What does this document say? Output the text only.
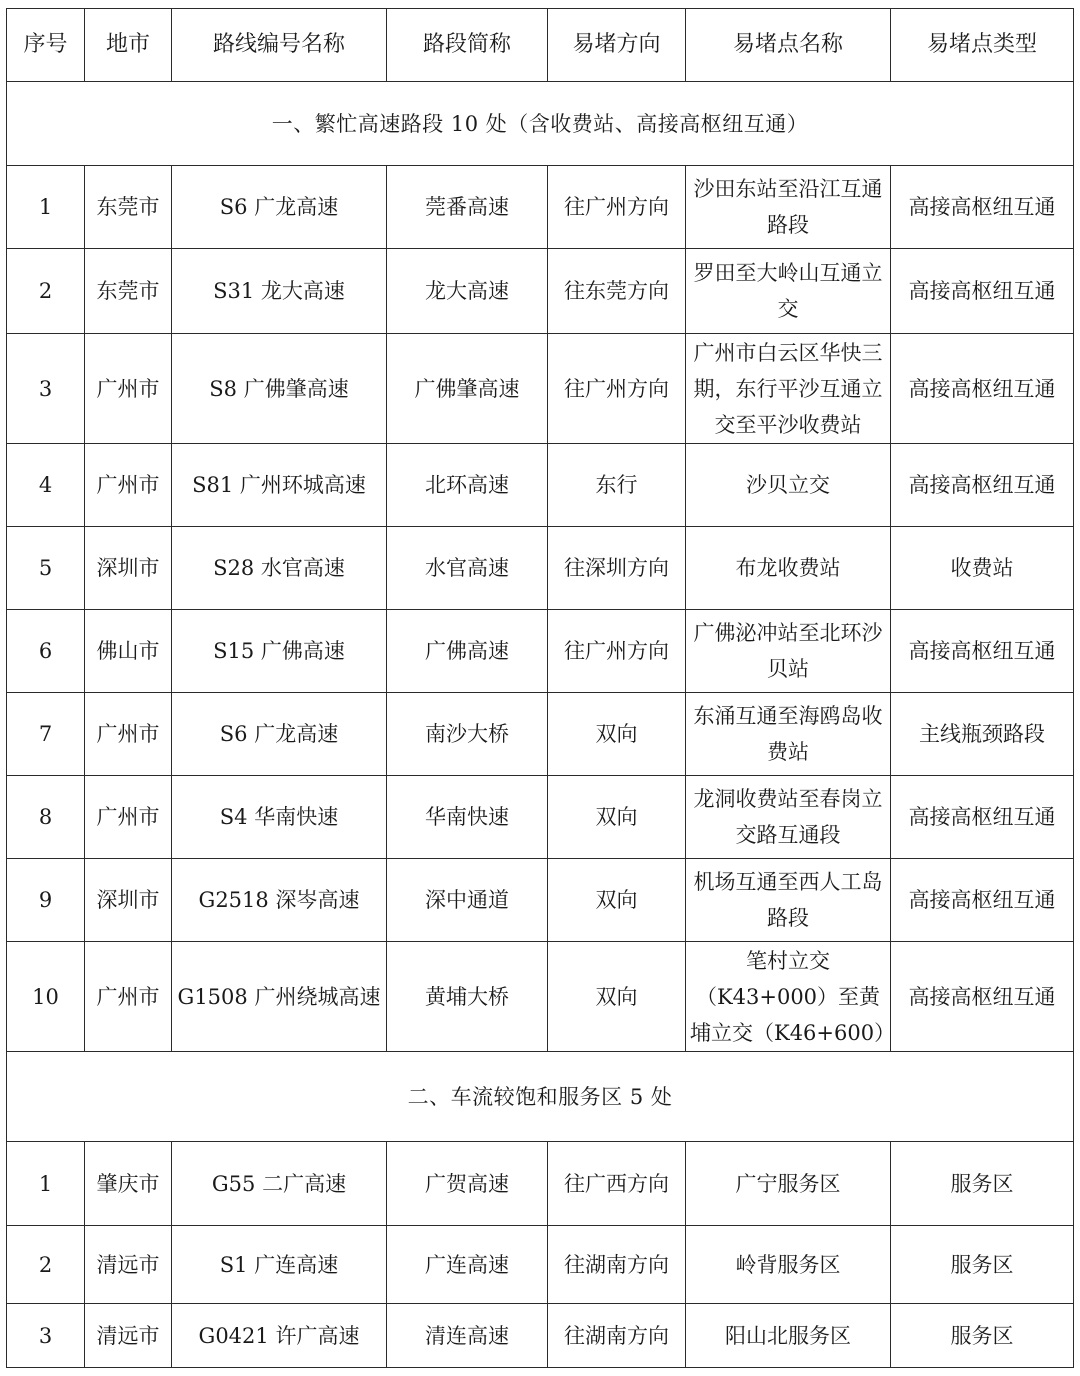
序号	地市	路线编号名称	路段简称	易堵方向	易堵点名称	易堵点类型
一、繁忙高速路段 10 处（含收费站、高接高枢纽互通）						
1	东莞市	S6 广龙高速	莞番高速	往广州方向	沙田东站至沿江互通路段	高接高枢纽互通
2	东莞市	S31 龙大高速	龙大高速	往东莞方向	罗田至大岭山互通立交	高接高枢纽互通
3	广州市	S8 广佛肇高速	广佛肇高速	往广州方向	广州市白云区华快三期，东行平沙互通立交至平沙收费站	高接高枢纽互通
4	广州市	S81 广州环城高速	北环高速	东行	沙贝立交	高接高枢纽互通
5	深圳市	S28 水官高速	水官高速	往深圳方向	布龙收费站	收费站
6	佛山市	S15 广佛高速	广佛高速	往广州方向	广佛泌冲站至北环沙贝站	高接高枢纽互通
7	广州市	S6 广龙高速	南沙大桥	双向	东涌互通至海鸥岛收费站	主线瓶颈路段
8	广州市	S4 华南快速	华南快速	双向	龙洞收费站至春岗立交路互通段	高接高枢纽互通
9	深圳市	G2518 深岑高速	深中通道	双向	机场互通至西人工岛路段	高接高枢纽互通
10	广州市	G1508 广州绕城高速	黄埔大桥	双向	笔村立交（K43+000）至黄埔立交（K46+600）	高接高枢纽互通
二、车流较饱和服务区 5 处						
1	肇庆市	G55 二广高速	广贺高速	往广西方向	广宁服务区	服务区
2	清远市	S1 广连高速	广连高速	往湖南方向	岭背服务区	服务区
3	清远市	G0421 许广高速	清连高速	往湖南方向	阳山北服务区	服务区
